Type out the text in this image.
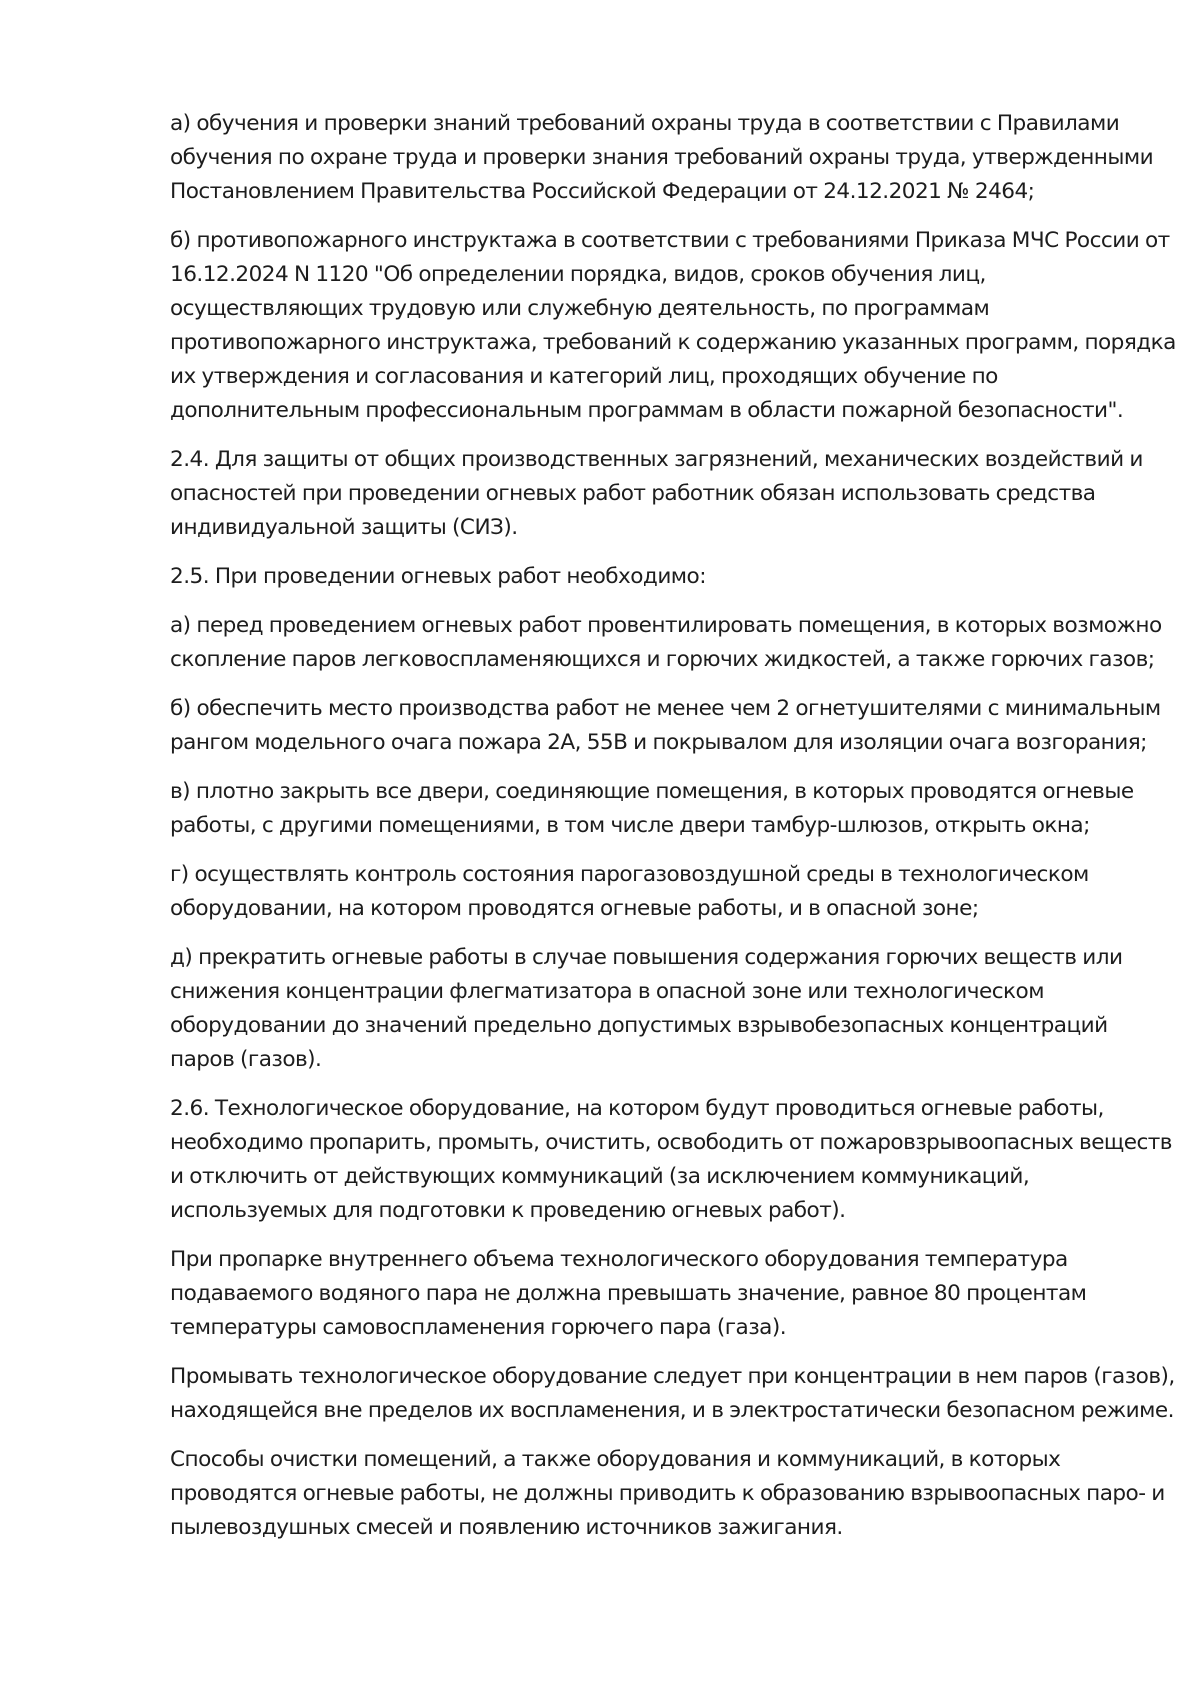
а) обучения и проверки знаний требований охраны труда в соответствии с Правилами
обучения по охране труда и проверки знания требований охраны труда, утвержденными
Постановлением Правительства Российской Федерации от 24.12.2021 № 2464;

б) противопожарного инструктажа в соответствии с требованиями Приказа МЧС России от
16.12.2024 N 1120 "Об определении порядка, видов, сроков обучения лиц,
осуществляющих трудовую или служебную деятельность, по программам
противопожарного инструктажа, требований к содержанию указанных программ, порядка
их утверждения и согласования и категорий лиц, проходящих обучение по
дополнительным профессиональным программам в области пожарной безопасности".

2.4. Для защиты от общих производственных загрязнений, механических воздействий и
опасностей при проведении огневых работ работник обязан использовать средства
индивидуальной защиты (СИЗ).

2.5. При проведении огневых работ необходимо:

а) перед проведением огневых работ провентилировать помещения, в которых возможно
скопление паров легковоспламеняющихся и горючих жидкостей, а также горючих газов;

б) обеспечить место производства работ не менее чем 2 огнетушителями с минимальным
рангом модельного очага пожара 2А, 55В и покрывалом для изоляции очага возгорания;

в) плотно закрыть все двери, соединяющие помещения, в которых проводятся огневые
работы, с другими помещениями, в том числе двери тамбур-шлюзов, открыть окна;

г) осуществлять контроль состояния парогазовоздушной среды в технологическом
оборудовании, на котором проводятся огневые работы, и в опасной зоне;

д) прекратить огневые работы в случае повышения содержания горючих веществ или
снижения концентрации флегматизатора в опасной зоне или технологическом
оборудовании до значений предельно допустимых взрывобезопасных концентраций
паров (газов).

2.6. Технологическое оборудование, на котором будут проводиться огневые работы,
необходимо пропарить, промыть, очистить, освободить от пожаровзрывоопасных веществ
и отключить от действующих коммуникаций (за исключением коммуникаций,
используемых для подготовки к проведению огневых работ).

При пропарке внутреннего объема технологического оборудования температура
подаваемого водяного пара не должна превышать значение, равное 80 процентам
температуры самовоспламенения горючего пара (газа).

Промывать технологическое оборудование следует при концентрации в нем паров (газов),
находящейся вне пределов их воспламенения, и в электростатически безопасном режиме.

Способы очистки помещений, а также оборудования и коммуникаций, в которых
проводятся огневые работы, не должны приводить к образованию взрывоопасных паро- и
пылевоздушных смесей и появлению источников зажигания.
